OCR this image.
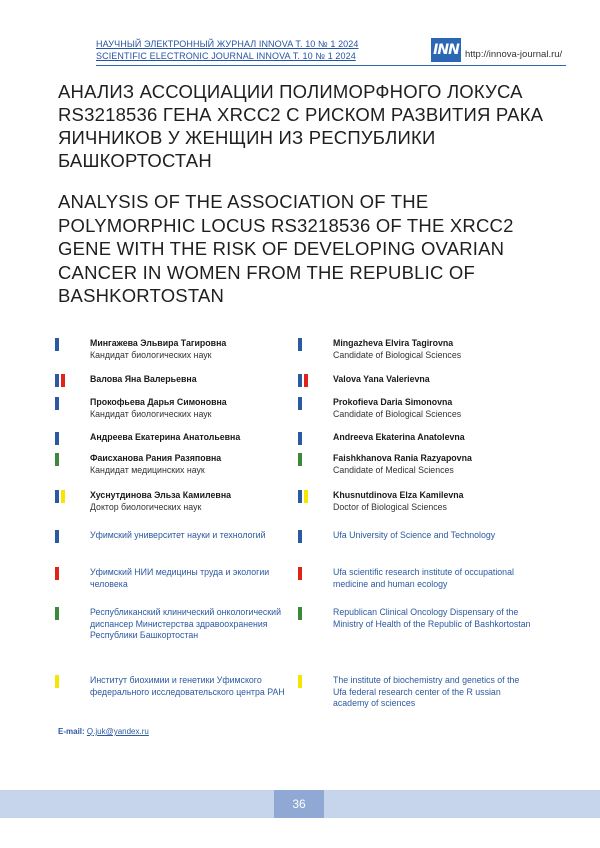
НАУЧНЫЙ ЭЛЕКТРОННЫЙ ЖУРНАЛ INNOVA Т. 10 № 1 2024
SCIENTIFIC ELECTRONIC JOURNAL INNOVA Т. 10 № 1 2024	INN http://innova-journal.ru/
АНАЛИЗ АССОЦИАЦИИ ПОЛИМОРФНОГО ЛОКУСА RS3218536 ГЕНА XRCC2 С РИСКОМ РАЗВИТИЯ РАКА ЯИЧНИКОВ У ЖЕНЩИН ИЗ РЕСПУБЛИКИ БАШКОРТОСТАН
ANALYSIS OF THE ASSOCIATION OF THE POLYMORPHIC LOCUS RS3218536 OF THE XRCC2 GENE WITH THE RISK OF DEVELOPING OVARIAN CANCER IN WOMEN FROM THE REPUBLIC OF BASHKORTOSTAN
Мингажева Эльвира Тагировна
Кандидат биологических наук
Mingazheva Elvira Tagirovna
Candidate of Biological Sciences
Валова Яна Валерьевна	Valova Yana Valerievna
Прокофьева Дарья Симоновна
Кандидат биологических наук
Prokofieva Daria Simonovna
Candidate of Biological Sciences
Андреева Екатерина Анатольевна	Andreeva Ekaterina Anatolevna
Фаисханова Рания Разяповна
Кандидат медицинских наук
Faishkhanova Rania Razyapovna
Candidate of Medical Sciences
Хуснутдинова Эльза Камилевна
Доктор биологических наук
Khusnutdinova Elza Kamilevna
Doctor of Biological Sciences
Уфимский университет науки и технологий	Ufa University of Science and Technology
Уфимский НИИ медицины труда и экологии человека
Ufa scientific research institute of occupational medicine and human ecology
Республиканский клинический онкологический диспансер Министерства здравоохранения Республики Башкортостан
Republican Clinical Oncology Dispensary of the Ministry of Health of the Republic of Bashkortostan
Институт биохимии и генетики Уфимского федерального исследовательского центра РАН
The institute of biochemistry and genetics of the Ufa federal research center of the R ussian academy of sciences
E-mail: Q.juk@yandex.ru
36
